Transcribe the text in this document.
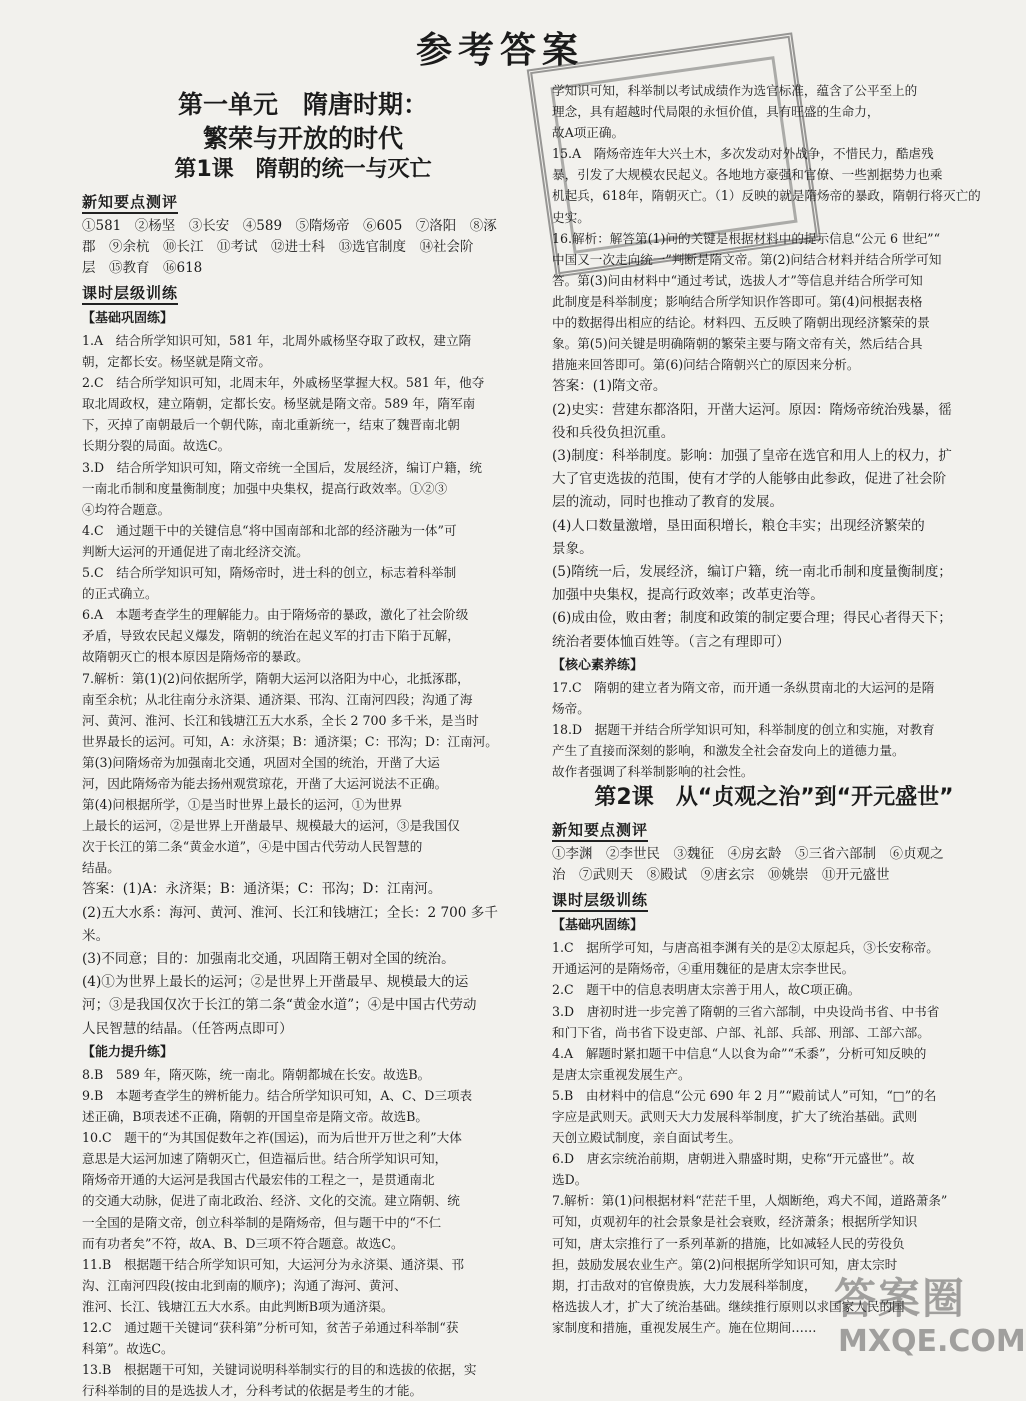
参考答案
第一单元　隋唐时期：
繁荣与开放的时代
第1课　隋朝的统一与灭亡
新知要点测评
①581　②杨坚　③长安　④589　⑤隋炀帝　⑥605　⑦洛阳　⑧涿
郡　⑨余杭　⑩长江　⑪考试　⑫进士科　⑬选官制度　⑭社会阶
层　⑮教育　⑯618
课时层级训练
【基础巩固练】

1.A　结合所学知识可知，581 年，北周外戚杨坚夺取了政权，建立隋

朝，定都长安。杨坚就是隋文帝。

2.C　结合所学知识可知，北周末年，外戚杨坚掌握大权。581 年，他夺

取北周政权，建立隋朝，定都长安。杨坚就是隋文帝。589 年，隋军南

下，灭掉了南朝最后一个朝代陈，南北重新统一，结束了魏晋南北朝

长期分裂的局面。故选C。

3.D　结合所学知识可知，隋文帝统一全国后，发展经济，编订户籍，统

一南北币制和度量衡制度；加强中央集权，提高行政效率。①②③

④均符合题意。

4.C　通过题干中的关键信息“将中国南部和北部的经济融为一体”可

判断大运河的开通促进了南北经济交流。

5.C　结合所学知识可知，隋炀帝时，进士科的创立，标志着科举制

的正式确立。

6.A　本题考查学生的理解能力。由于隋炀帝的暴政，激化了社会阶级

矛盾，导致农民起义爆发，隋朝的统治在起义军的打击下陷于瓦解，

故隋朝灭亡的根本原因是隋炀帝的暴政。

7.解析：第(1)(2)问依据所学，隋朝大运河以洛阳为中心，北抵涿郡，

南至余杭；从北往南分永济渠、通济渠、邗沟、江南河四段；沟通了海

河、黄河、淮河、长江和钱塘江五大水系，全长 2 700 多千米，是当时

世界最长的运河。可知，A：永济渠；B：通济渠；C：邗沟；D：江南河。

第(3)问隋炀帝为加强南北交通，巩固对全国的统治，开凿了大运

河，因此隋炀帝为能去扬州观赏琼花，开凿了大运河说法不正确。

第(4)问根据所学，①是当时世界上最长的运河，①为世界

上最长的运河，②是世界上开凿最早、规模最大的运河，③是我国仅

次于长江的第二条“黄金水道”，④是中国古代劳动人民智慧的

结晶。

答案：(1)A：永济渠；B：通济渠；C：邗沟；D：江南河。

(2)五大水系：海河、黄河、淮河、长江和钱塘江；全长：2 700 多千米。

(3)不同意；目的：加强南北交通，巩固隋王朝对全国的统治。

(4)①为世界上最长的运河；②是世界上开凿最早、规模最大的运

河；③是我国仅次于长江的第二条“黄金水道”；④是中国古代劳动

人民智慧的结晶。（任答两点即可）

【能力提升练】

8.B　589 年，隋灭陈，统一南北。隋朝都城在长安。故选B。

9.B　本题考查学生的辨析能力。结合所学知识可知，A、C、D三项表

述正确，B项表述不正确，隋朝的开国皇帝是隋文帝。故选B。

10.C　题干的“为其国促数年之祚(国运)，而为后世开万世之利”大体

意思是大运河加速了隋朝灭亡，但造福后世。结合所学知识可知，

隋炀帝开通的大运河是我国古代最宏伟的工程之一，是贯通南北

的交通大动脉，促进了南北政治、经济、文化的交流。建立隋朝、统

一全国的是隋文帝，创立科举制的是隋炀帝，但与题干中的“不仁

而有功者矣”不符，故A、B、D三项不符合题意。故选C。

11.B　根据题干结合所学知识可知，大运河分为永济渠、通济渠、邗

沟、江南河四段(按由北到南的顺序)；沟通了海河、黄河、

淮河、长江、钱塘江五大水系。由此判断B项为通济渠。

12.C　通过题干关键词“获科第”分析可知，贫苦子弟通过科举制“获

科第”。故选C。

13.B　根据题干可知，关键词说明科举制实行的目的和选拔的依据，实

行科举制的目的是选拔人才，分科考试的依据是考生的才能。

学知识可知，科举制以考试成绩作为选官标准，蕴含了公平至上的

理念，具有超越时代局限的永恒价值，具有旺盛的生命力，

故A项正确。

15.A　隋炀帝连年大兴土木，多次发动对外战争，不惜民力，酷虐残

暴，引发了大规模农民起义。各地地方豪强和官僚、一些割据势力也乘

机起兵，618年，隋朝灭亡。（1）反映的就是隋炀帝的暴政，隋朝行将灭亡的

史实。

16.解析：解答第(1)问的关键是根据材料中的提示信息“公元 6 世纪”“

中国又一次走向统一”判断是隋文帝。第(2)问结合材料并结合所学可知

答。第(3)问由材料中“通过考试，选拔人才”等信息并结合所学可知

此制度是科举制度；影响结合所学知识作答即可。第(4)问根据表格

中的数据得出相应的结论。材料四、五反映了隋朝出现经济繁荣的景

象。第(5)问关键是明确隋朝的繁荣主要与隋文帝有关，然后结合具

措施来回答即可。第(6)问结合隋朝兴亡的原因来分析。

答案：(1)隋文帝。

(2)史实：营建东都洛阳，开凿大运河。原因：隋炀帝统治残暴，徭

役和兵役负担沉重。

(3)制度：科举制度。影响：加强了皇帝在选官和用人上的权力，扩

大了官吏选拔的范围，使有才学的人能够由此参政，促进了社会阶

层的流动，同时也推动了教育的发展。

(4)人口数量激增，垦田面积增长，粮仓丰实；出现经济繁荣的

景象。

(5)隋统一后，发展经济，编订户籍，统一南北币制和度量衡制度；

加强中央集权，提高行政效率；改革吏治等。

(6)成由俭，败由奢；制度和政策的制定要合理；得民心者得天下；

统治者要体恤百姓等。（言之有理即可）

【核心素养练】

17.C　隋朝的建立者为隋文帝，而开通一条纵贯南北的大运河的是隋

炀帝。

18.D　据题干并结合所学知识可知，科举制度的创立和实施，对教育

产生了直接而深刻的影响，和激发全社会奋发向上的道德力量。

故作者强调了科举制影响的社会性。

第2课　从“贞观之治”到“开元盛世”
新知要点测评
①李渊　②李世民　③魏征　④房玄龄　⑤三省六部制　⑥贞观之
治　⑦武则天　⑧殿试　⑨唐玄宗　⑩姚崇　⑪开元盛世
课时层级训练
【基础巩固练】

1.C　据所学可知，与唐高祖李渊有关的是②太原起兵，③长安称帝。

开通运河的是隋炀帝，④重用魏征的是唐太宗李世民。

2.C　题干中的信息表明唐太宗善于用人，故C项正确。

3.D　唐初时进一步完善了隋朝的三省六部制，中央设尚书省、中书省

和门下省，尚书省下设吏部、户部、礼部、兵部、刑部、工部六部。

4.A　解题时紧扣题干中信息“人以食为命”“禾黍”，分析可知反映的

是唐太宗重视发展生产。

5.B　由材料中的信息“公元 690 年 2 月”“殿前试人”可知，“□”的名

字应是武则天。武则天大力发展科举制度，扩大了统治基础。武则

天创立殿试制度，亲自面试考生。

6.D　唐玄宗统治前期，唐朝进入鼎盛时期，史称“开元盛世”。故

选D。

7.解析：第(1)问根据材料“茫茫千里，人烟断绝，鸡犬不闻，道路萧条”

可知，贞观初年的社会景象是社会衰败，经济萧条；根据所学知识

可知，唐太宗推行了一系列革新的措施，比如减轻人民的劳役负

担，鼓励发展农业生产。第(2)问根据所学知识可知，唐太宗时

期，打击敌对的官僚贵族，大力发展科举制度，

格选拔人才，扩大了统治基础。继续推行原则以求国家人民的国

家制度和措施，重视发展生产。施在位期间……

答案圈
MXQE.COM
